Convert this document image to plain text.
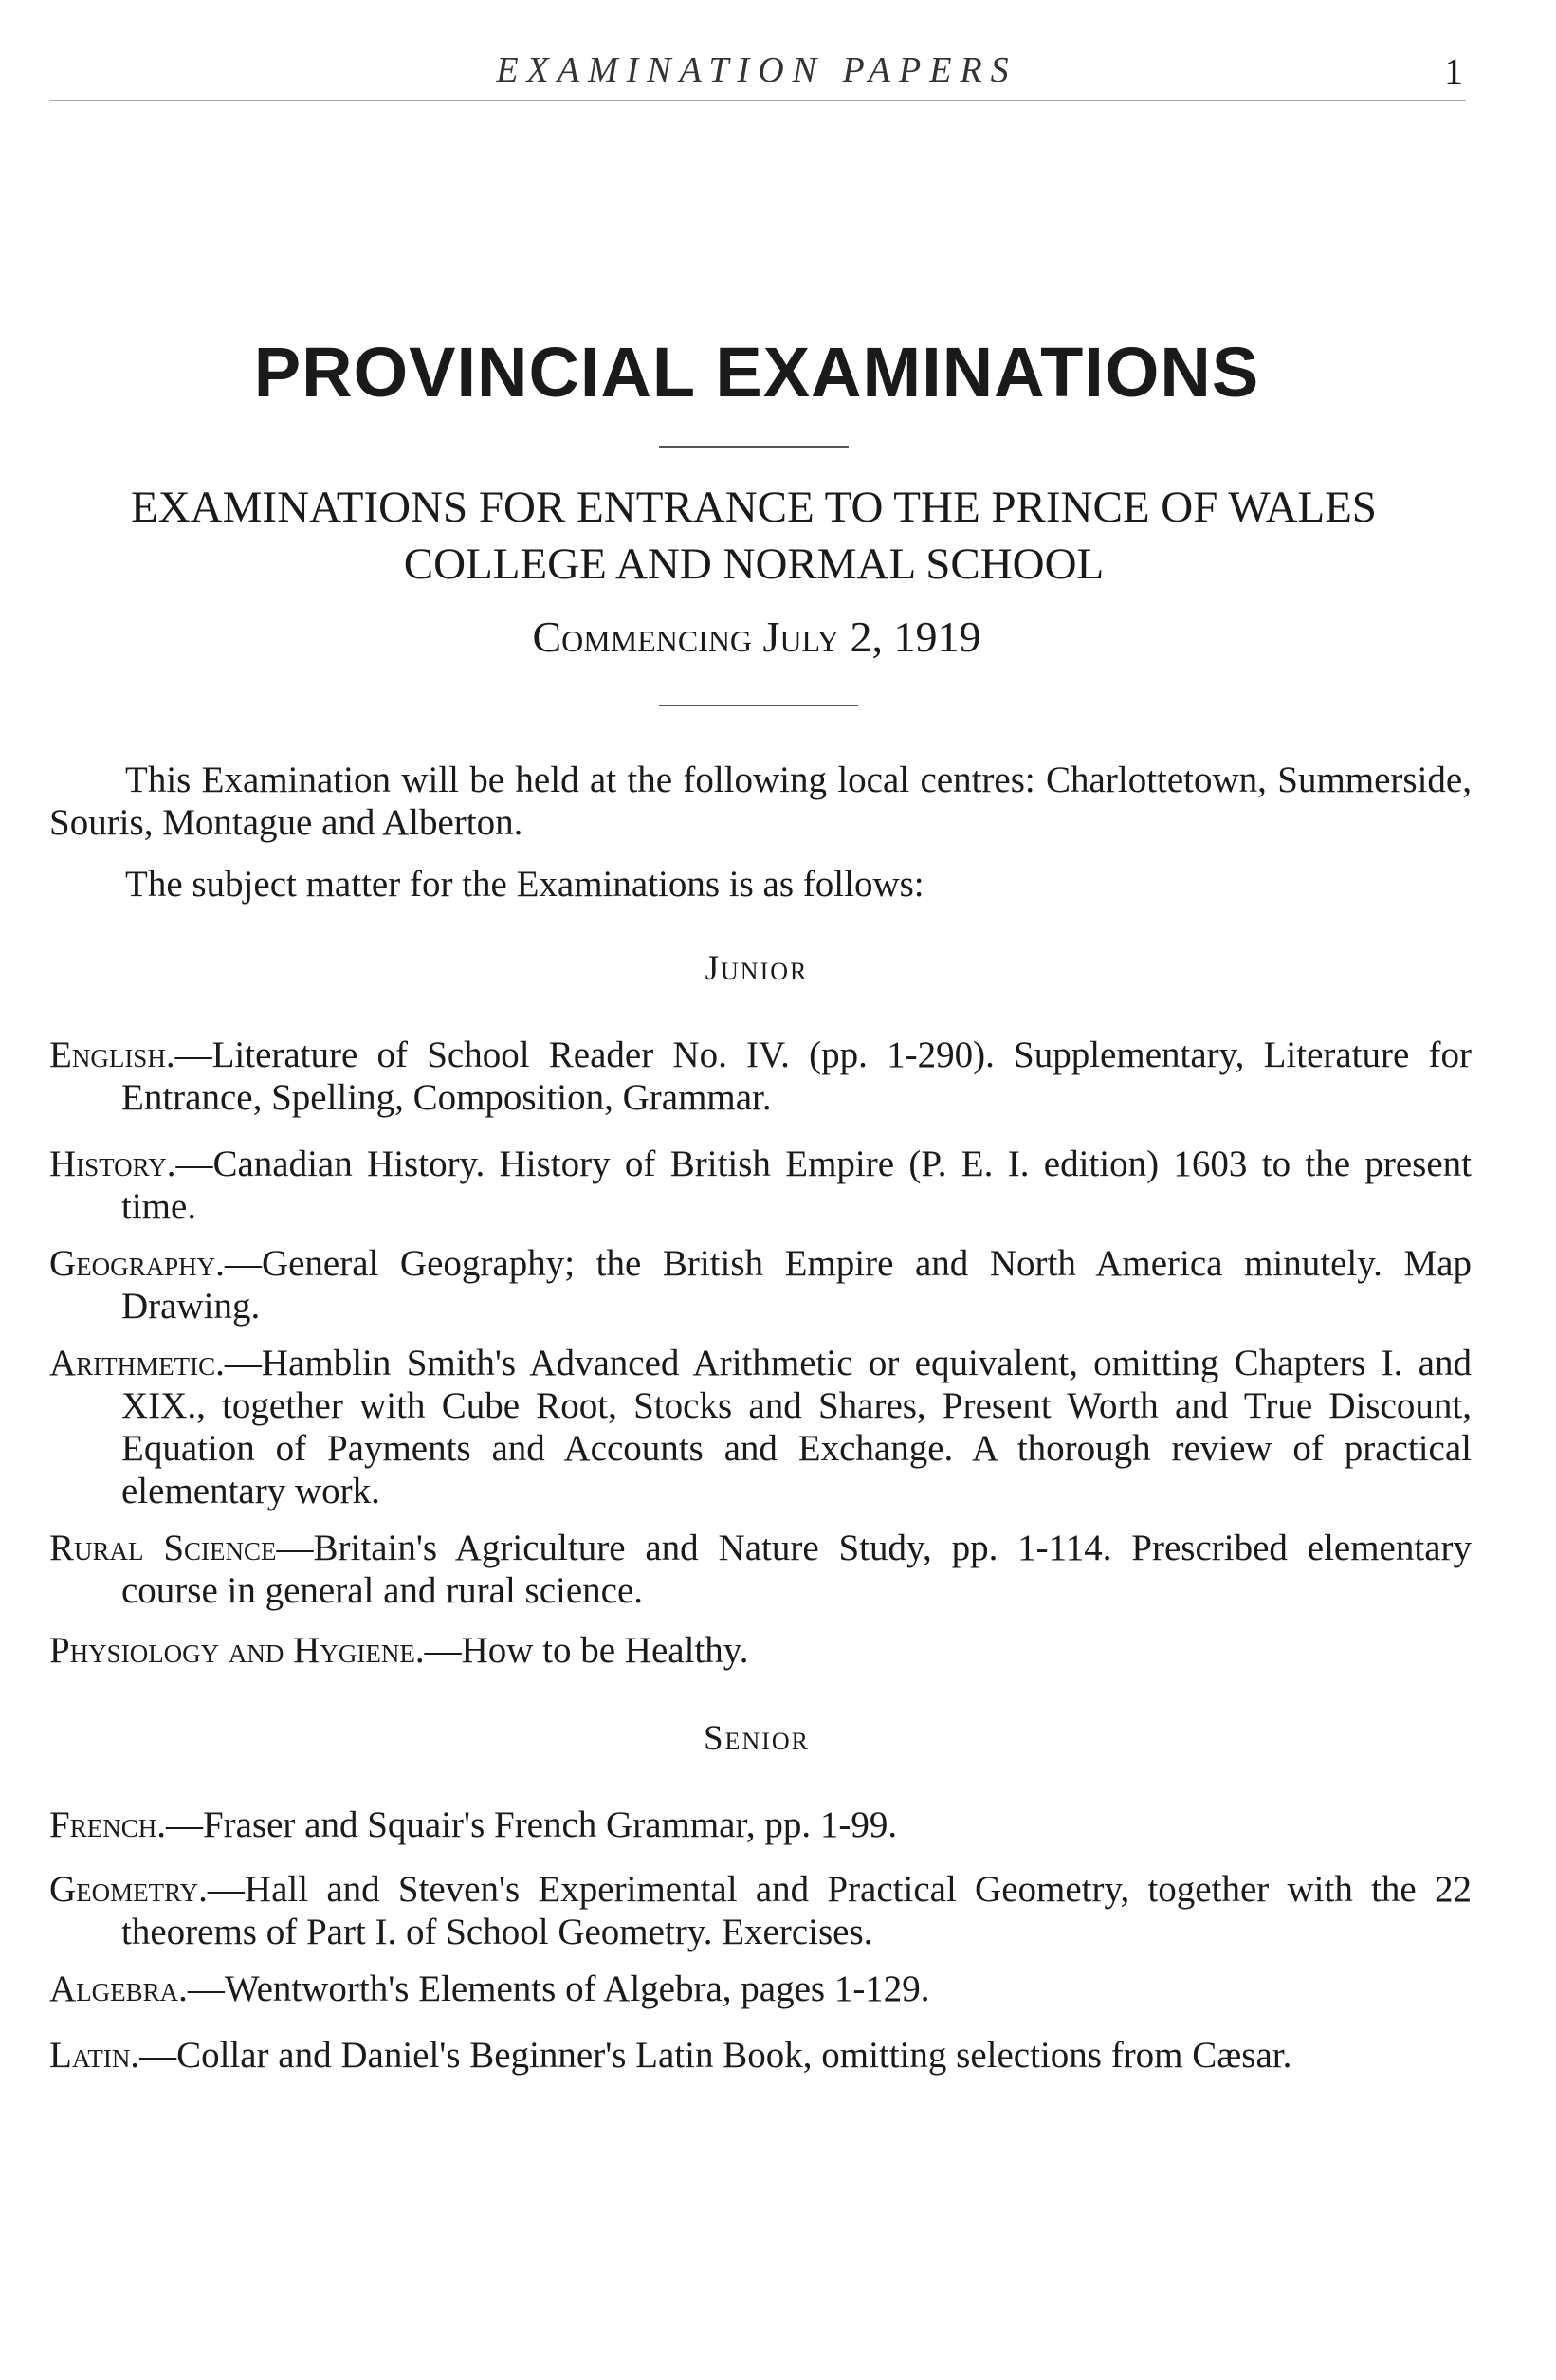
EXAMINATION PAPERS	1
PROVINCIAL EXAMINATIONS
EXAMINATIONS FOR ENTRANCE TO THE PRINCE OF WALES COLLEGE AND NORMAL SCHOOL
Commencing July 2, 1919
This Examination will be held at the following local centres: Charlottetown, Summerside, Souris, Montague and Alberton.
The subject matter for the Examinations is as follows:
Junior
English.—Literature of School Reader No. IV. (pp. 1-290). Supplementary, Literature for Entrance, Spelling, Composition, Grammar.
History.—Canadian History. History of British Empire (P. E. I. edition) 1603 to the present time.
Geography.—General Geography; the British Empire and North America minutely. Map Drawing.
Arithmetic.—Hamblin Smith's Advanced Arithmetic or equivalent, omitting Chapters I. and XIX., together with Cube Root, Stocks and Shares, Present Worth and True Discount, Equation of Payments and Accounts and Exchange. A thorough review of practical elementary work.
Rural Science—Britain's Agriculture and Nature Study, pp. 1-114. Prescribed elementary course in general and rural science.
Physiology and Hygiene.—How to be Healthy.
Senior
French.—Fraser and Squair's French Grammar, pp. 1-99.
Geometry.—Hall and Steven's Experimental and Practical Geometry, together with the 22 theorems of Part I. of School Geometry. Exercises.
Algebra.—Wentworth's Elements of Algebra, pages 1-129.
Latin.—Collar and Daniel's Beginner's Latin Book, omitting selections from Cæsar.
